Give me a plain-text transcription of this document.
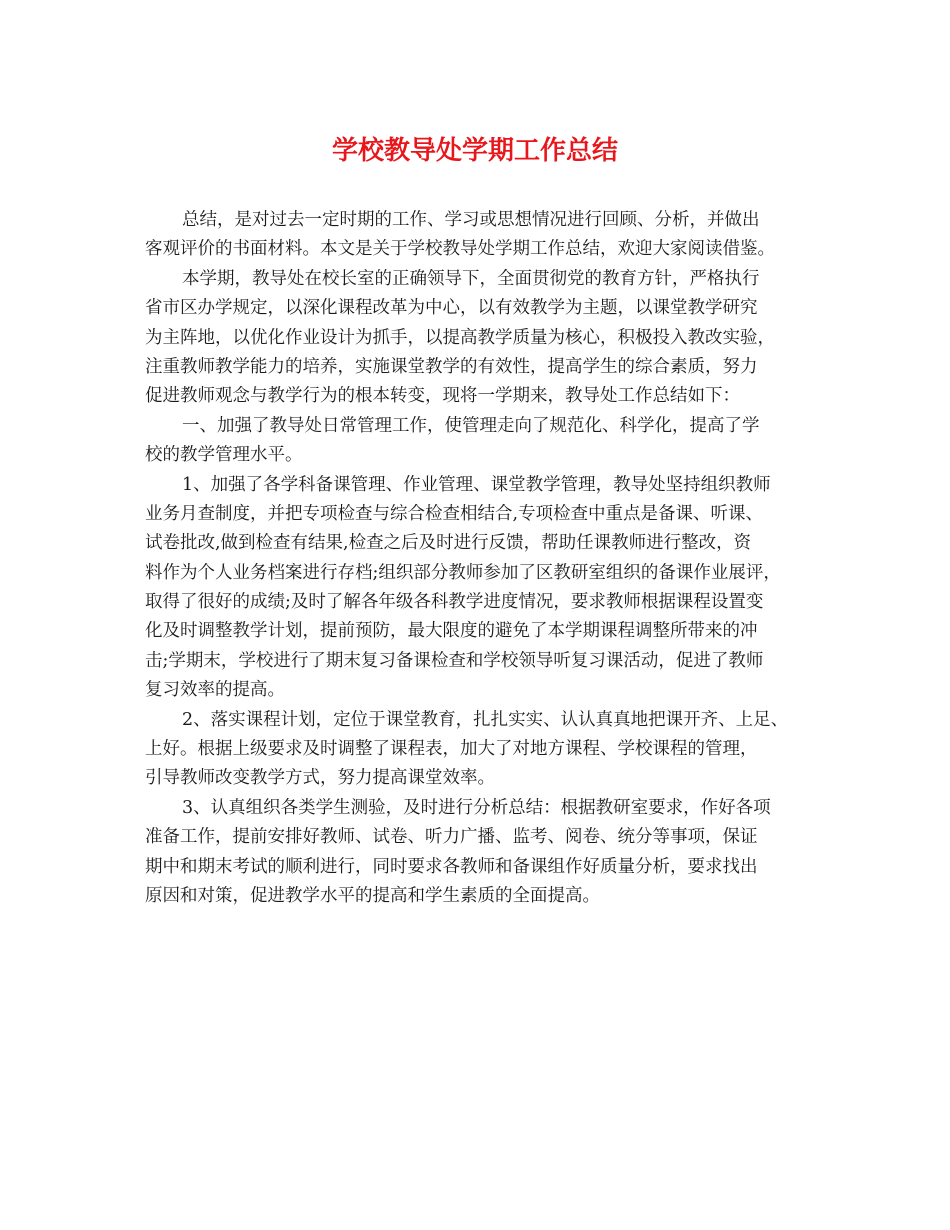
学校教导处学期工作总结
总结，是对过去一定时期的工作、学习或思想情况进行回顾、分析，并做出
客观评价的书面材料。本文是关于学校教导处学期工作总结，欢迎大家阅读借鉴。
本学期，教导处在校长室的正确领导下，全面贯彻党的教育方针，严格执行
省市区办学规定，以深化课程改革为中心，以有效教学为主题，以课堂教学研究
为主阵地，以优化作业设计为抓手，以提高教学质量为核心，积极投入教改实验，
注重教师教学能力的培养，实施课堂教学的有效性，提高学生的综合素质，努力
促进教师观念与教学行为的根本转变，现将一学期来，教导处工作总结如下：
一、加强了教导处日常管理工作，使管理走向了规范化、科学化，提高了学
校的教学管理水平。
1、加强了各学科备课管理、作业管理、课堂教学管理，教导处坚持组织教师
业务月查制度，并把专项检查与综合检查相结合,专项检查中重点是备课、听课、
试卷批改,做到检查有结果,检查之后及时进行反馈，帮助任课教师进行整改，资
料作为个人业务档案进行存档;组织部分教师参加了区教研室组织的备课作业展评，
取得了很好的成绩;及时了解各年级各科教学进度情况，要求教师根据课程设置变
化及时调整教学计划，提前预防，最大限度的避免了本学期课程调整所带来的冲
击;学期末，学校进行了期末复习备课检查和学校领导听复习课活动，促进了教师
复习效率的提高。
2、落实课程计划，定位于课堂教育，扎扎实实、认认真真地把课开齐、上足、
上好。根据上级要求及时调整了课程表，加大了对地方课程、学校课程的管理，
引导教师改变教学方式，努力提高课堂效率。
3、认真组织各类学生测验，及时进行分析总结：根据教研室要求，作好各项
准备工作，提前安排好教师、试卷、听力广播、监考、阅卷、统分等事项，保证
期中和期末考试的顺利进行，同时要求各教师和备课组作好质量分析，要求找出
原因和对策，促进教学水平的提高和学生素质的全面提高。
